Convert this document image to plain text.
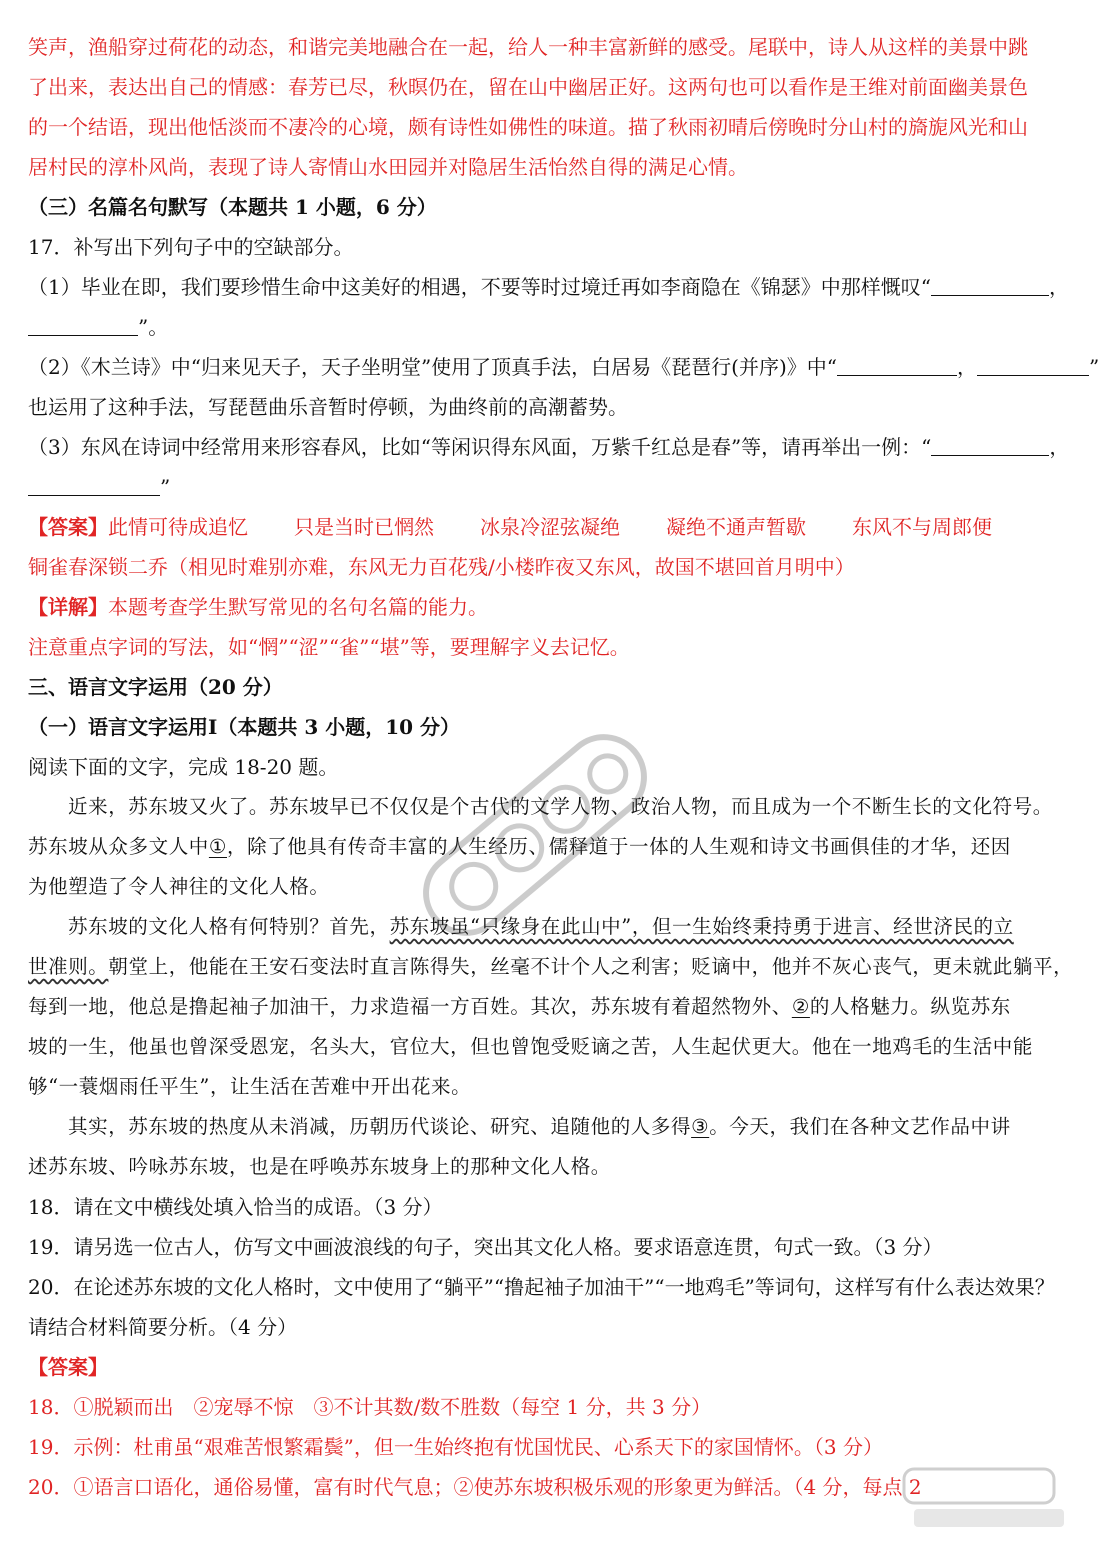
笑声，渔船穿过荷花的动态，和谐完美地融合在一起，给人一种丰富新鲜的感受。尾联中，诗人从这样的美景中跳
了出来，表达出自己的情感：春芳已尽，秋暝仍在，留在山中幽居正好。这两句也可以看作是王维对前面幽美景色
的一个结语，现出他恬淡而不凄冷的心境，颇有诗性如佛性的味道。描了秋雨初晴后傍晚时分山村的旖旎风光和山
居村民的淳朴风尚，表现了诗人寄情山水田园并对隐居生活怡然自得的满足心情。
（三）名篇名句默写（本题共 1 小题，6 分）
17．补写出下列句子中的空缺部分。
（1）毕业在即，我们要珍惜生命中这美好的相遇，不要等时过境迁再如李商隐在《锦瑟》中那样慨叹“	，
”。
（2）《木兰诗》中“归来见天子，天子坐明堂”使用了顶真手法，白居易《琵琶行(并序)》中“	，	”
也运用了这种手法，写琵琶曲乐音暂时停顿，为曲终前的高潮蓄势。
（3）东风在诗词中经常用来形容春风，比如“等闲识得东风面，万紫千红总是春”等，请再举出一例：“	，
”
【答案】此情可待成追忆 只是当时已惘然 冰泉冷涩弦凝绝 凝绝不通声暂歇 东风不与周郎便
铜雀春深锁二乔（相见时难别亦难，东风无力百花残/小楼昨夜又东风，故国不堪回首月明中）
【详解】本题考查学生默写常见的名句名篇的能力。
注意重点字词的写法，如“惘”“涩”“雀”“堪”等，要理解字义去记忆。
三、语言文字运用（20 分）
（一）语言文字运用Ⅰ（本题共 3 小题，10 分）
阅读下面的文字，完成 18-20 题。
近来，苏东坡又火了。苏东坡早已不仅仅是个古代的文学人物、政治人物，而且成为一个不断生长的文化符号。
苏东坡从众多文人中①，除了他具有传奇丰富的人生经历、儒释道于一体的人生观和诗文书画俱佳的才华，还因
为他塑造了令人神往的文化人格。
苏东坡的文化人格有何特别？首先，苏东坡虽“只缘身在此山中”，但一生始终秉持勇于进言、经世济民的立
世准则。朝堂上，他能在王安石变法时直言陈得失，丝毫不计个人之利害；贬谪中，他并不灰心丧气，更未就此躺平，
每到一地，他总是撸起袖子加油干，力求造福一方百姓。其次，苏东坡有着超然物外、②的人格魅力。纵览苏东
坡的一生，他虽也曾深受恩宠，名头大，官位大，但也曾饱受贬谪之苦，人生起伏更大。他在一地鸡毛的生活中能
够“一蓑烟雨任平生”，让生活在苦难中开出花来。
其实，苏东坡的热度从未消减，历朝历代谈论、研究、追随他的人多得③。今天，我们在各种文艺作品中讲
述苏东坡、吟咏苏东坡，也是在呼唤苏东坡身上的那种文化人格。
18．请在文中横线处填入恰当的成语。（3 分）
19．请另选一位古人，仿写文中画波浪线的句子，突出其文化人格。要求语意连贯，句式一致。（3 分）
20．在论述苏东坡的文化人格时，文中使用了“躺平”“撸起袖子加油干”“一地鸡毛”等词句，这样写有什么表达效果？
请结合材料简要分析。（4 分）
【答案】
18．①脱颖而出　②宠辱不惊　③不计其数/数不胜数（每空 1 分，共 3 分）
19．示例：杜甫虽“艰难苦恨繁霜鬓”，但一生始终抱有忧国忧民、心系天下的家国情怀。（3 分）
20．①语言口语化，通俗易懂，富有时代气息；②使苏东坡积极乐观的形象更为鲜活。（4 分，每点 2
